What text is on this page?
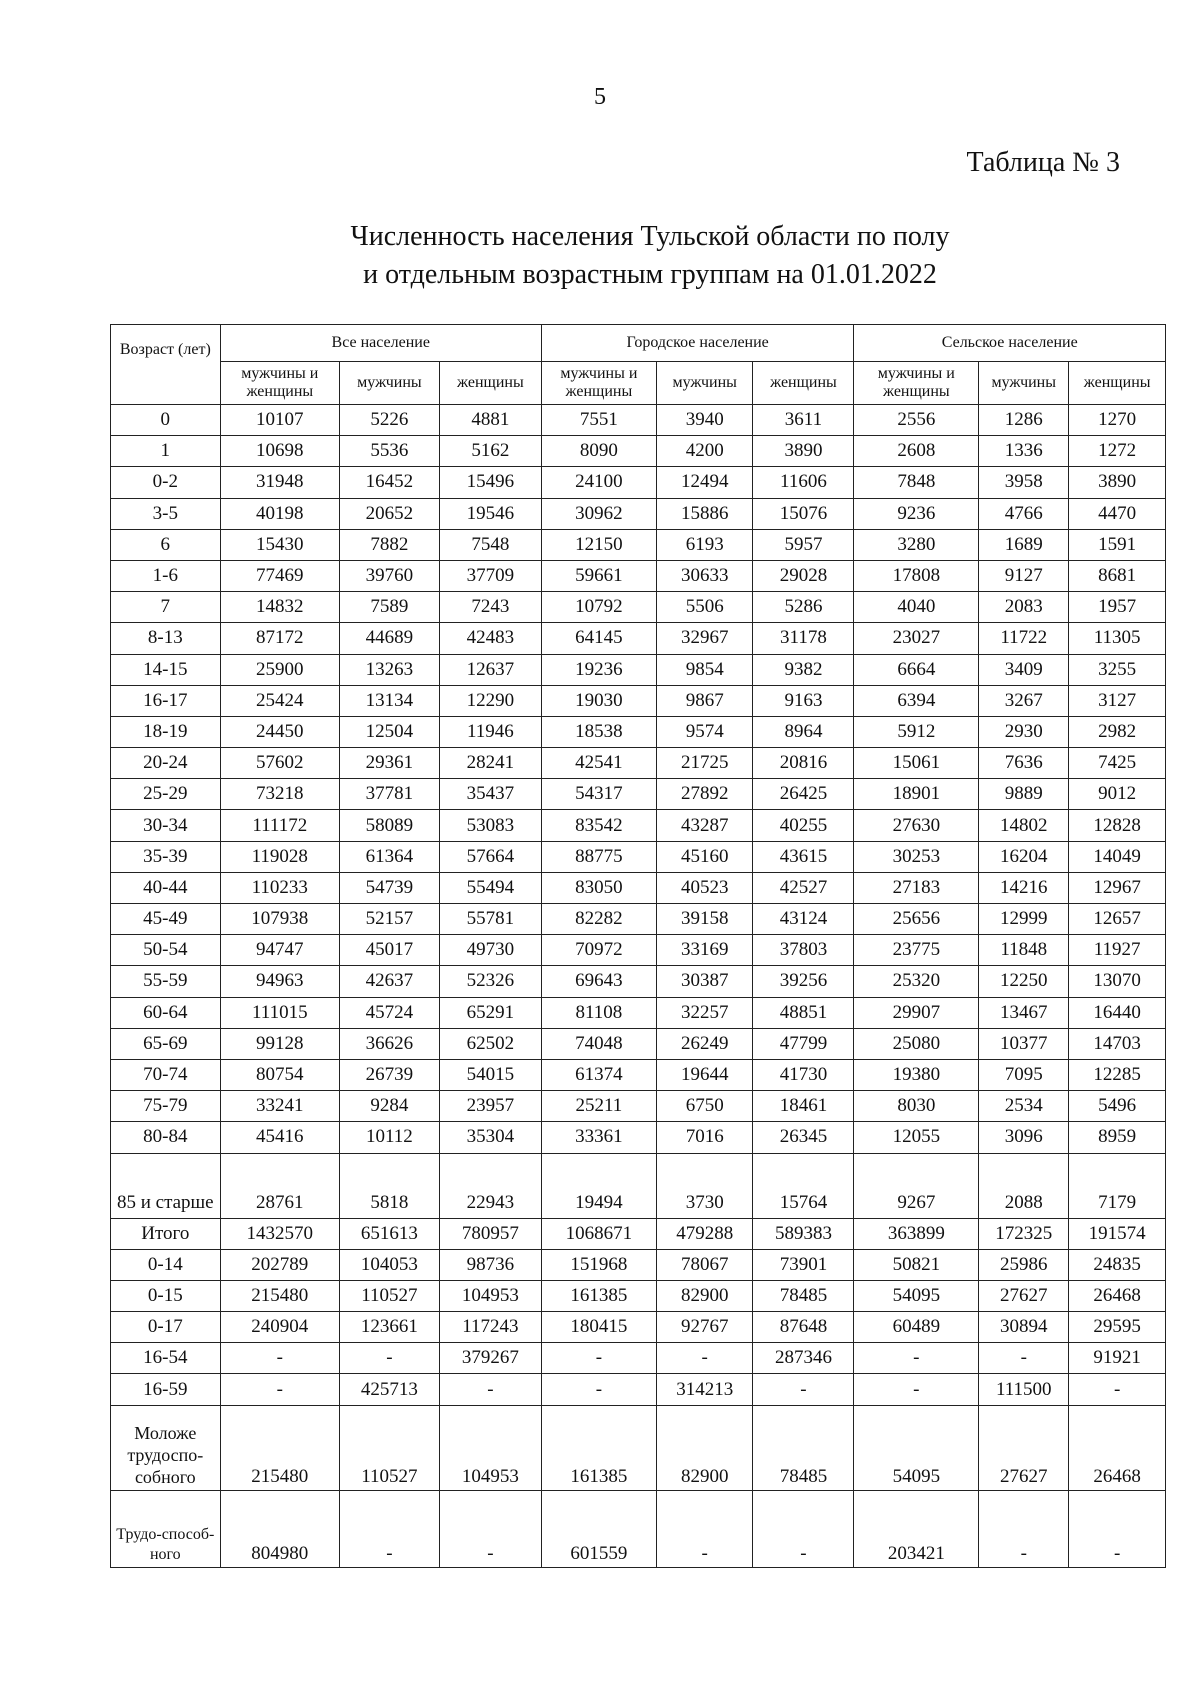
5
Таблица № 3
Численность населения Тульской области по полу
и отдельным возрастным группам на 01.01.2022
Возраст (лет)	Все население			Городское население			Сельское население		
	мужчины и женщины	мужчины	женщины	мужчины и женщины	мужчины	женщины	мужчины и женщины	мужчины	женщины
0	10107	5226	4881	7551	3940	3611	2556	1286	1270
1	10698	5536	5162	8090	4200	3890	2608	1336	1272
0-2	31948	16452	15496	24100	12494	11606	7848	3958	3890
3-5	40198	20652	19546	30962	15886	15076	9236	4766	4470
6	15430	7882	7548	12150	6193	5957	3280	1689	1591
1-6	77469	39760	37709	59661	30633	29028	17808	9127	8681
7	14832	7589	7243	10792	5506	5286	4040	2083	1957
8-13	87172	44689	42483	64145	32967	31178	23027	11722	11305
14-15	25900	13263	12637	19236	9854	9382	6664	3409	3255
16-17	25424	13134	12290	19030	9867	9163	6394	3267	3127
18-19	24450	12504	11946	18538	9574	8964	5912	2930	2982
20-24	57602	29361	28241	42541	21725	20816	15061	7636	7425
25-29	73218	37781	35437	54317	27892	26425	18901	9889	9012
30-34	111172	58089	53083	83542	43287	40255	27630	14802	12828
35-39	119028	61364	57664	88775	45160	43615	30253	16204	14049
40-44	110233	54739	55494	83050	40523	42527	27183	14216	12967
45-49	107938	52157	55781	82282	39158	43124	25656	12999	12657
50-54	94747	45017	49730	70972	33169	37803	23775	11848	11927
55-59	94963	42637	52326	69643	30387	39256	25320	12250	13070
60-64	111015	45724	65291	81108	32257	48851	29907	13467	16440
65-69	99128	36626	62502	74048	26249	47799	25080	10377	14703
70-74	80754	26739	54015	61374	19644	41730	19380	7095	12285
75-79	33241	9284	23957	25211	6750	18461	8030	2534	5496
80-84	45416	10112	35304	33361	7016	26345	12055	3096	8959
85 и старше	28761	5818	22943	19494	3730	15764	9267	2088	7179
Итого	1432570	651613	780957	1068671	479288	589383	363899	172325	191574
0-14	202789	104053	98736	151968	78067	73901	50821	25986	24835
0-15	215480	110527	104953	161385	82900	78485	54095	27627	26468
0-17	240904	123661	117243	180415	92767	87648	60489	30894	29595
16-54	-	-	379267	-	-	287346	-	-	91921
16-59	-	425713	-	-	314213	-	-	111500	-
Моложе трудоспо-собного	215480	110527	104953	161385	82900	78485	54095	27627	26468
Трудо-способ-ного	804980	-	-	601559	-	-	203421	-	-
